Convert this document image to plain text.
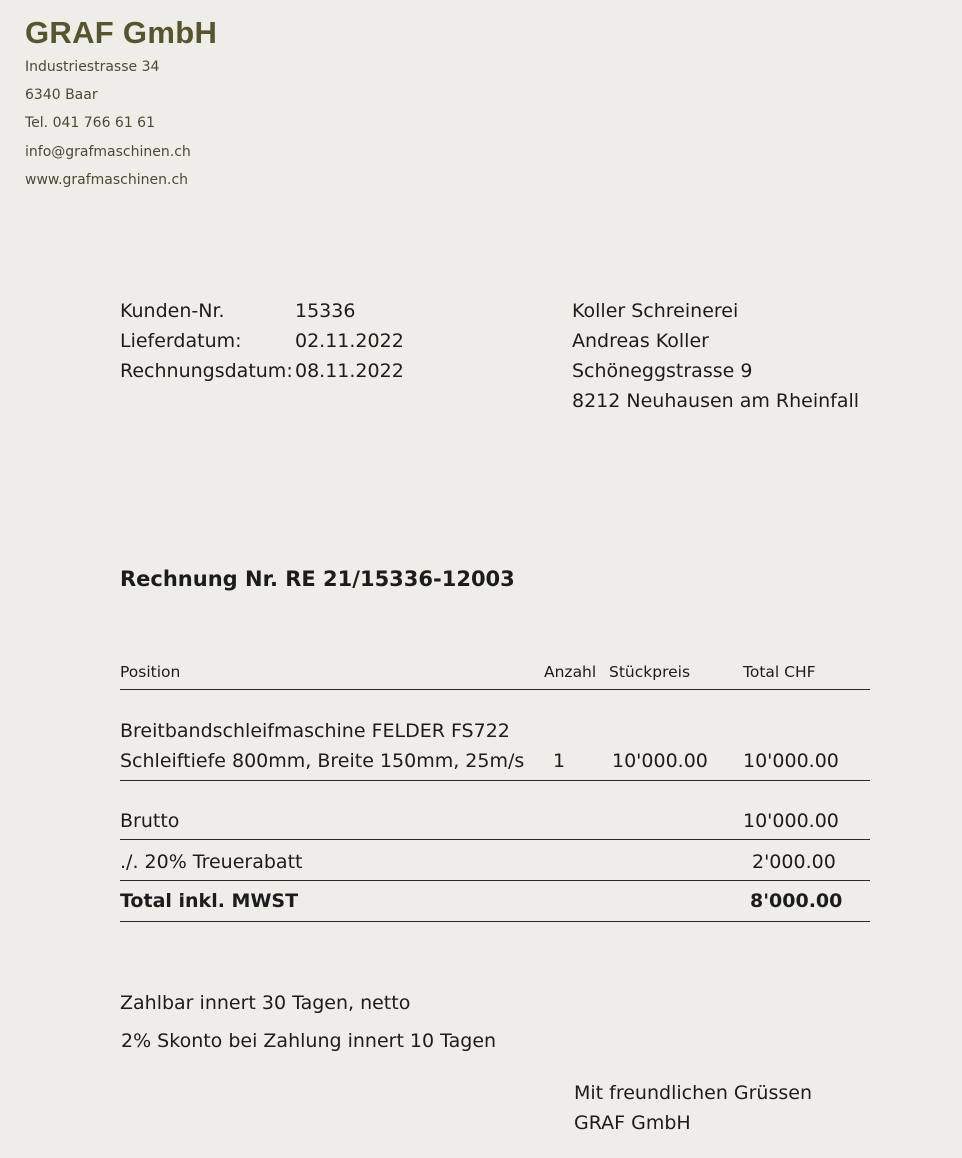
GRAF GmbH
Industriestrasse 34
6340 Baar
Tel. 041 766 61 61
info@grafmaschinen.ch
www.grafmaschinen.ch
Kunden-Nr.	15336
Lieferdatum:	02.11.2022
Rechnungsdatum: 08.11.2022
Koller Schreinerei
Andreas Koller
Schöneggstrasse 9
8212 Neuhausen am Rheinfall
Rechnung Nr. RE 21/15336-12003
Position	Anzahl Stückpreis	Total CHF
Breitbandschleifmaschine FELDER FS722
Schleiftiefe 800mm, Breite 150mm, 25m/s 1 10'000.00 10'000.00
Brutto	10'000.00
./. 20% Treuerabatt	2'000.00
Total inkl. MWST	8'000.00
Zahlbar innert 30 Tagen, netto
2% Skonto bei Zahlung innert 10 Tagen
Mit freundlichen Grüssen
GRAF GmbH
